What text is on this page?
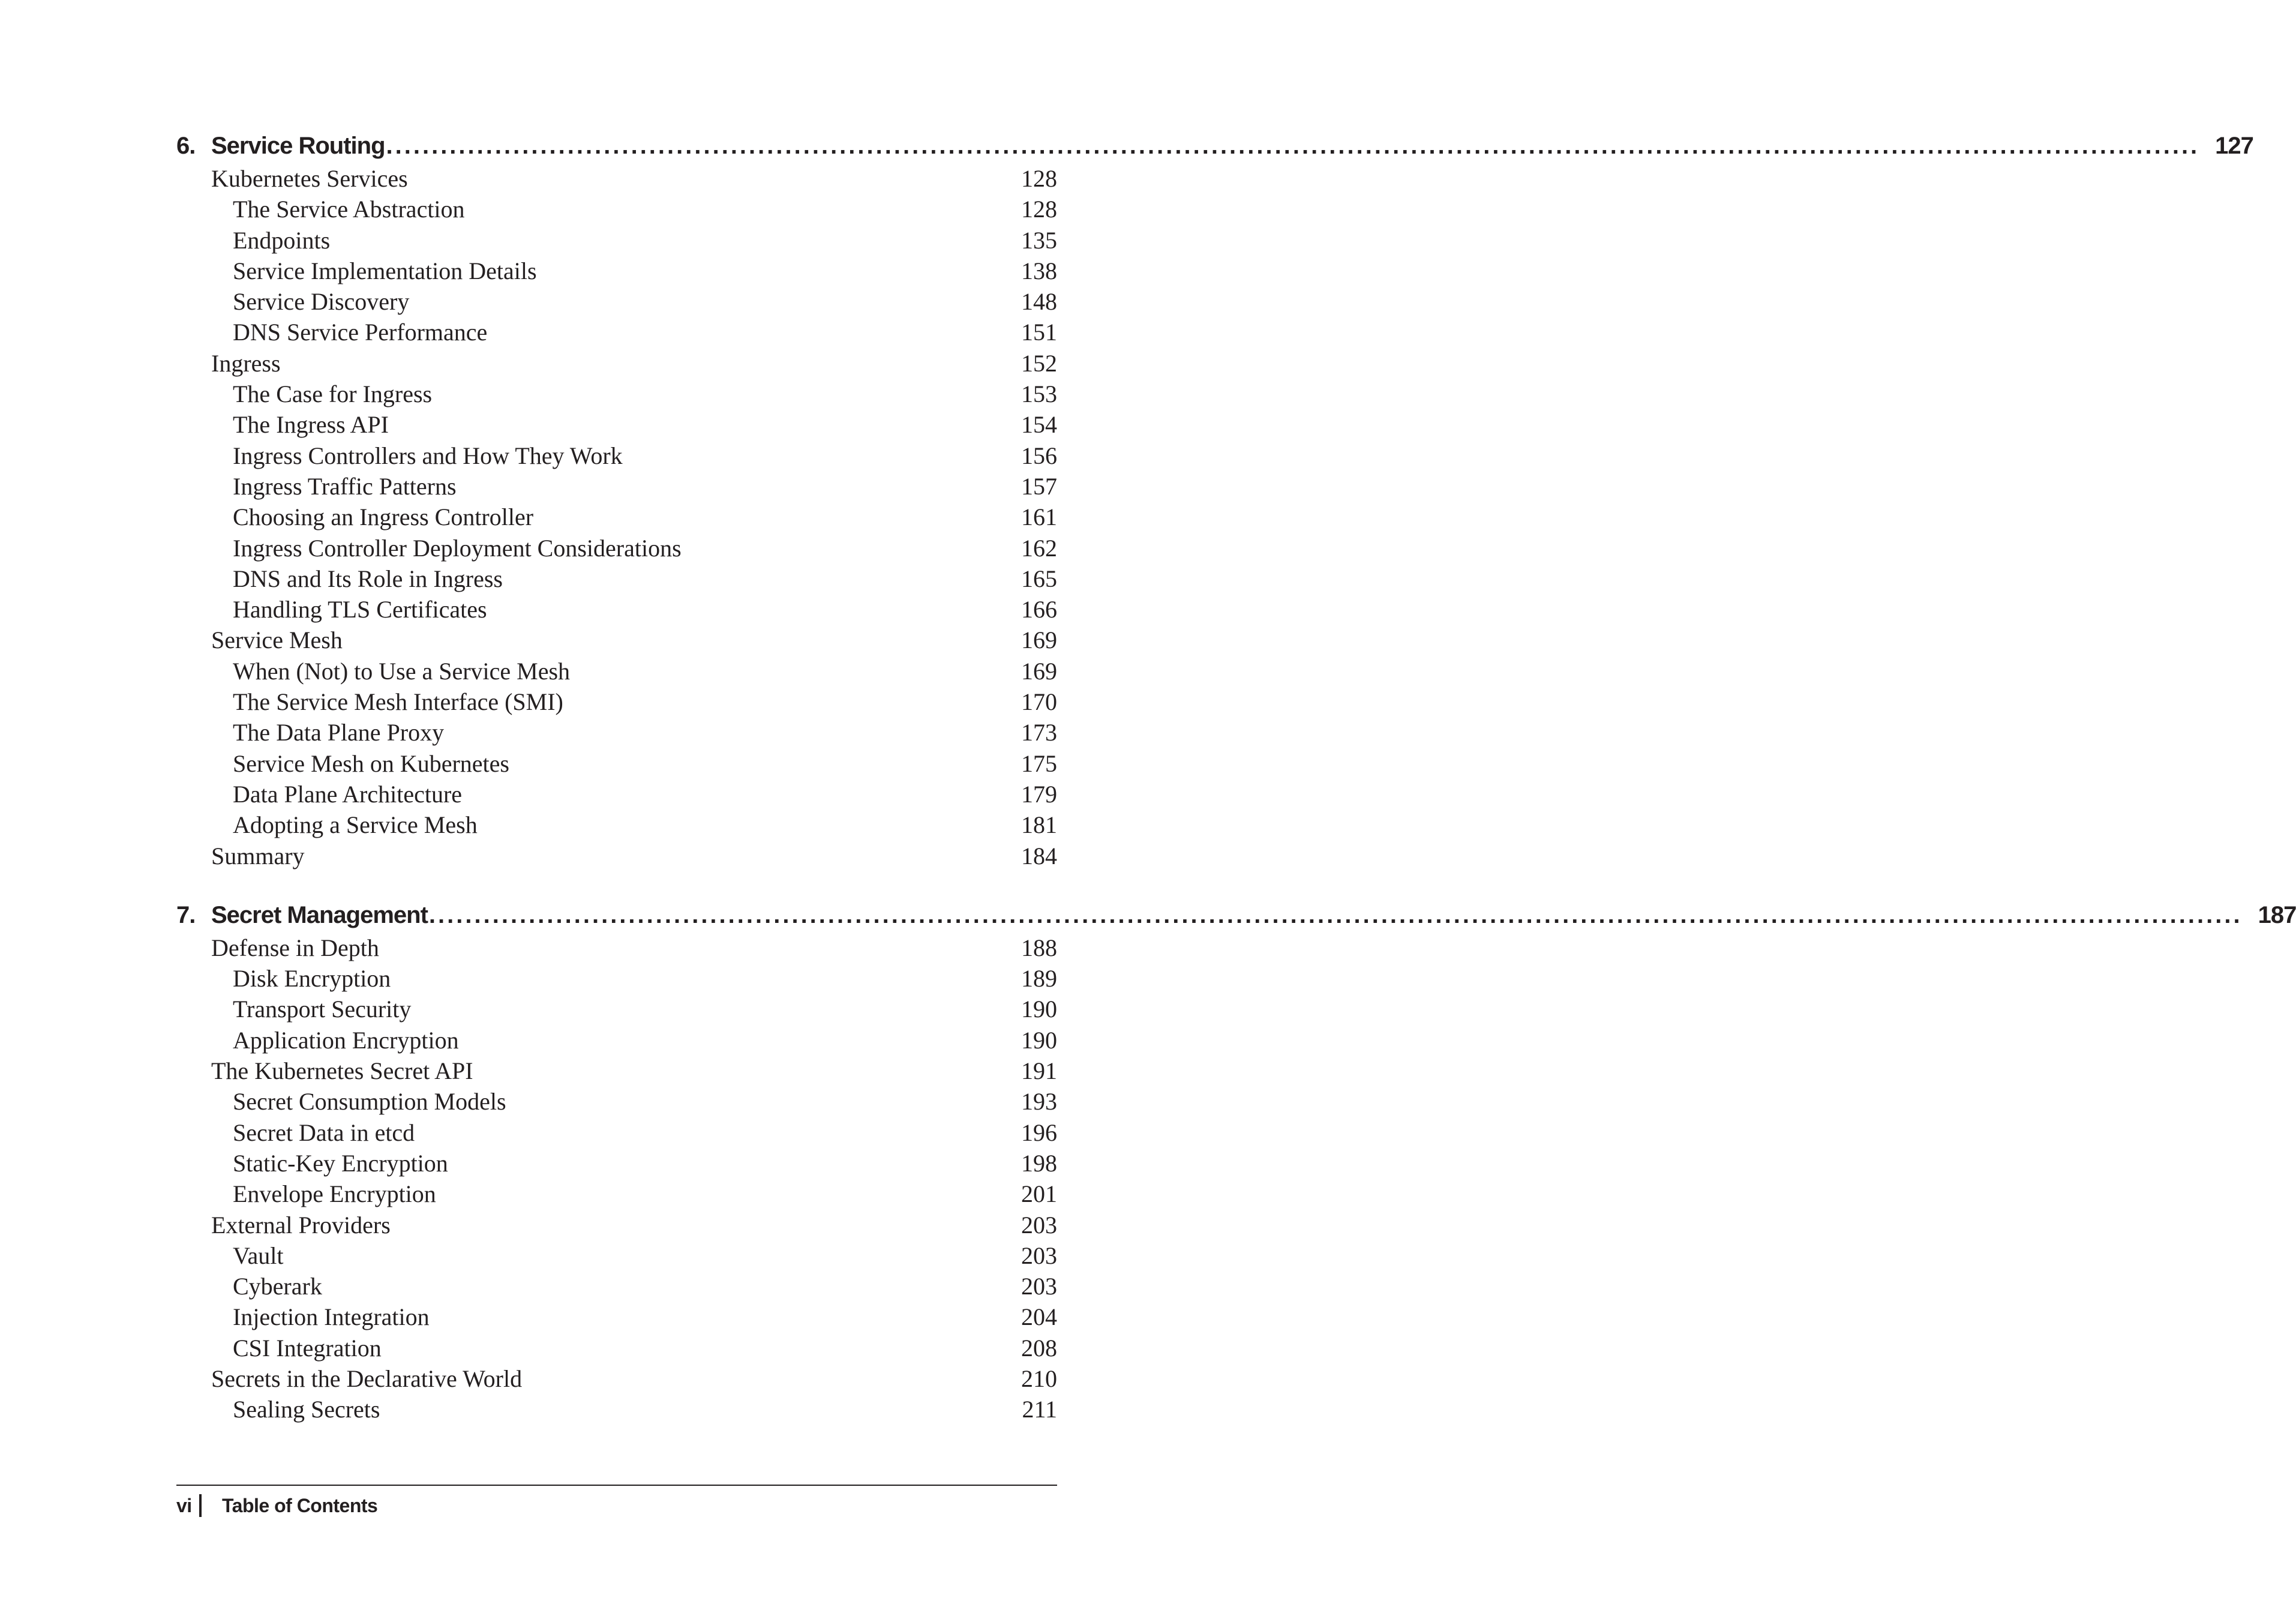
6. Service Routing ........................................................................................................................................................................................................ 127
Kubernetes Services	128
The Service Abstraction	128
Endpoints	135
Service Implementation Details	138
Service Discovery	148
DNS Service Performance	151
Ingress	152
The Case for Ingress	153
The Ingress API	154
Ingress Controllers and How They Work	156
Ingress Traffic Patterns	157
Choosing an Ingress Controller	161
Ingress Controller Deployment Considerations	162
DNS and Its Role in Ingress	165
Handling TLS Certificates	166
Service Mesh	169
When (Not) to Use a Service Mesh	169
The Service Mesh Interface (SMI)	170
The Data Plane Proxy	173
Service Mesh on Kubernetes	175
Data Plane Architecture	179
Adopting a Service Mesh	181
Summary	184
7. Secret Management ........................................................................................................................................................................................................ 187
Defense in Depth	188
Disk Encryption	189
Transport Security	190
Application Encryption	190
The Kubernetes Secret API	191
Secret Consumption Models	193
Secret Data in etcd	196
Static-Key Encryption	198
Envelope Encryption	201
External Providers	203
Vault	203
Cyberark	203
Injection Integration	204
CSI Integration	208
Secrets in the Declarative World	210
Sealing Secrets	211
vi	Table of Contents
